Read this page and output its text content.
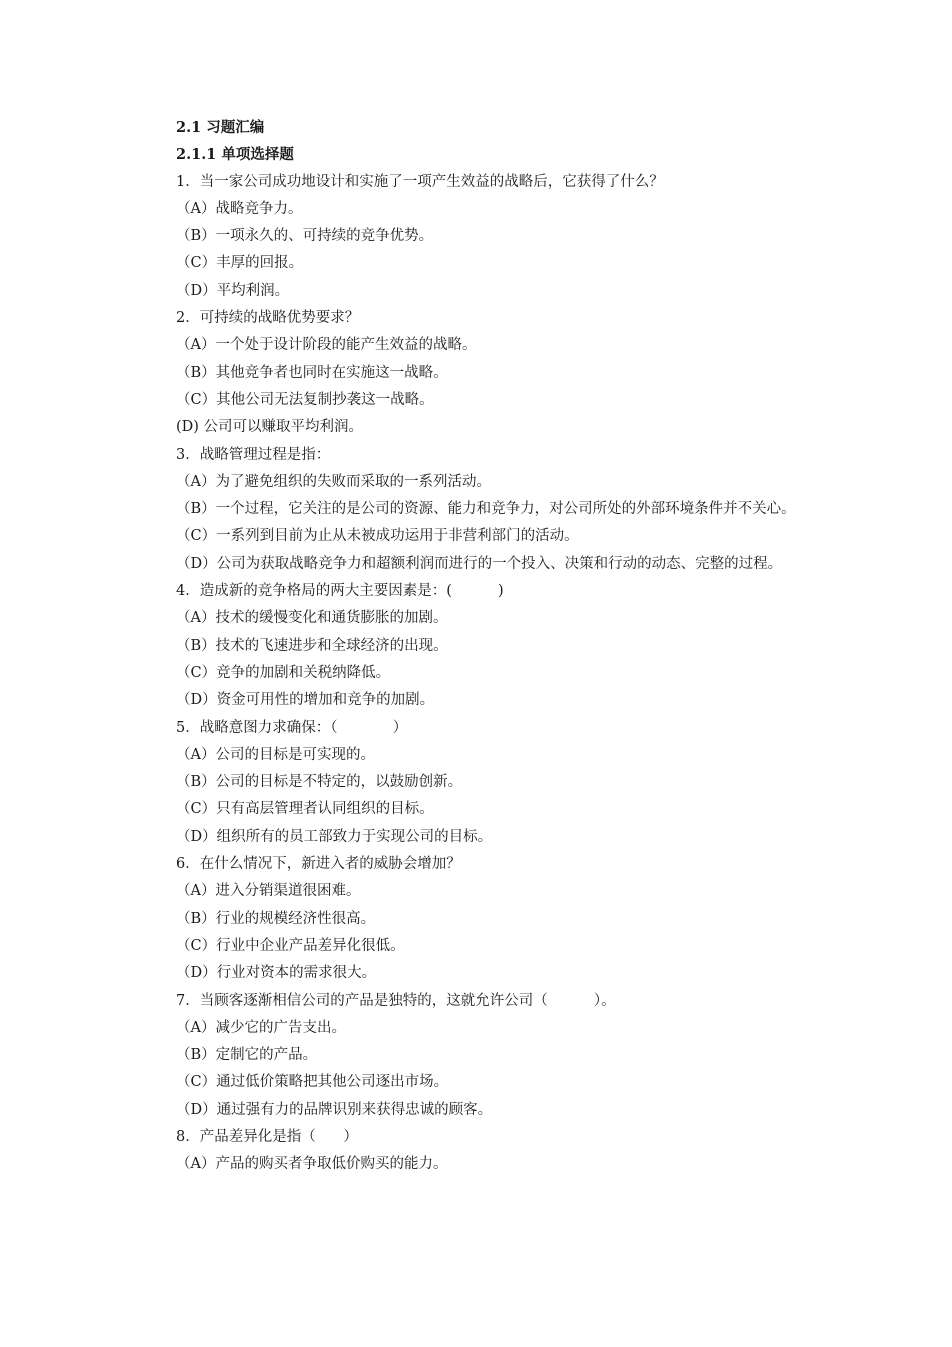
2.1 习题汇编
2.1.1 单项选择题
1．当一家公司成功地设计和实施了一项产生效益的战略后，它获得了什么？
（A）战略竞争力。
（B）一项永久的、可持续的竞争优势。
（C）丰厚的回报。
（D）平均利润。
2．可持续的战略优势要求？
（A）一个处于设计阶段的能产生效益的战略。
（B）其他竞争者也同时在实施这一战略。
（C）其他公司无法复制抄袭这一战略。
(D) 公司可以赚取平均利润。
3．战略管理过程是指：
（A）为了避免组织的失败而采取的一系列活动。
（B）一个过程，它关注的是公司的资源、能力和竞争力，对公司所处的外部环境条件并不关心。
（C）一系列到目前为止从未被成功运用于非营利部门的活动。
（D）公司为获取战略竞争力和超额利润而进行的一个投入、决策和行动的动态、完整的过程。
4．造成新的竞争格局的两大主要因素是：(          )
（A）技术的缓慢变化和通货膨胀的加剧。
（B）技术的飞速进步和全球经济的出现。
（C）竞争的加剧和关税纳降低。
（D）资金可用性的增加和竞争的加剧。
5．战略意图力求确保：（            ）
（A）公司的目标是可实现的。
（B）公司的目标是不特定的，以鼓励创新。
（C）只有高层管理者认同组织的目标。
（D）组织所有的员工部致力于实现公司的目标。
6．在什么情况下，新进入者的威胁会增加？
（A）进入分销渠道很困难。
（B）行业的规模经济性很高。
（C）行业中企业产品差异化很低。
（D）行业对资本的需求很大。
7．当顾客逐渐相信公司的产品是独特的，这就允许公司（          ）。
（A）减少它的广告支出。
（B）定制它的产品。
（C）通过低价策略把其他公司逐出市场。
（D）通过强有力的品牌识别来获得忠诚的顾客。
8．产品差异化是指（      ）
（A）产品的购买者争取低价购买的能力。
